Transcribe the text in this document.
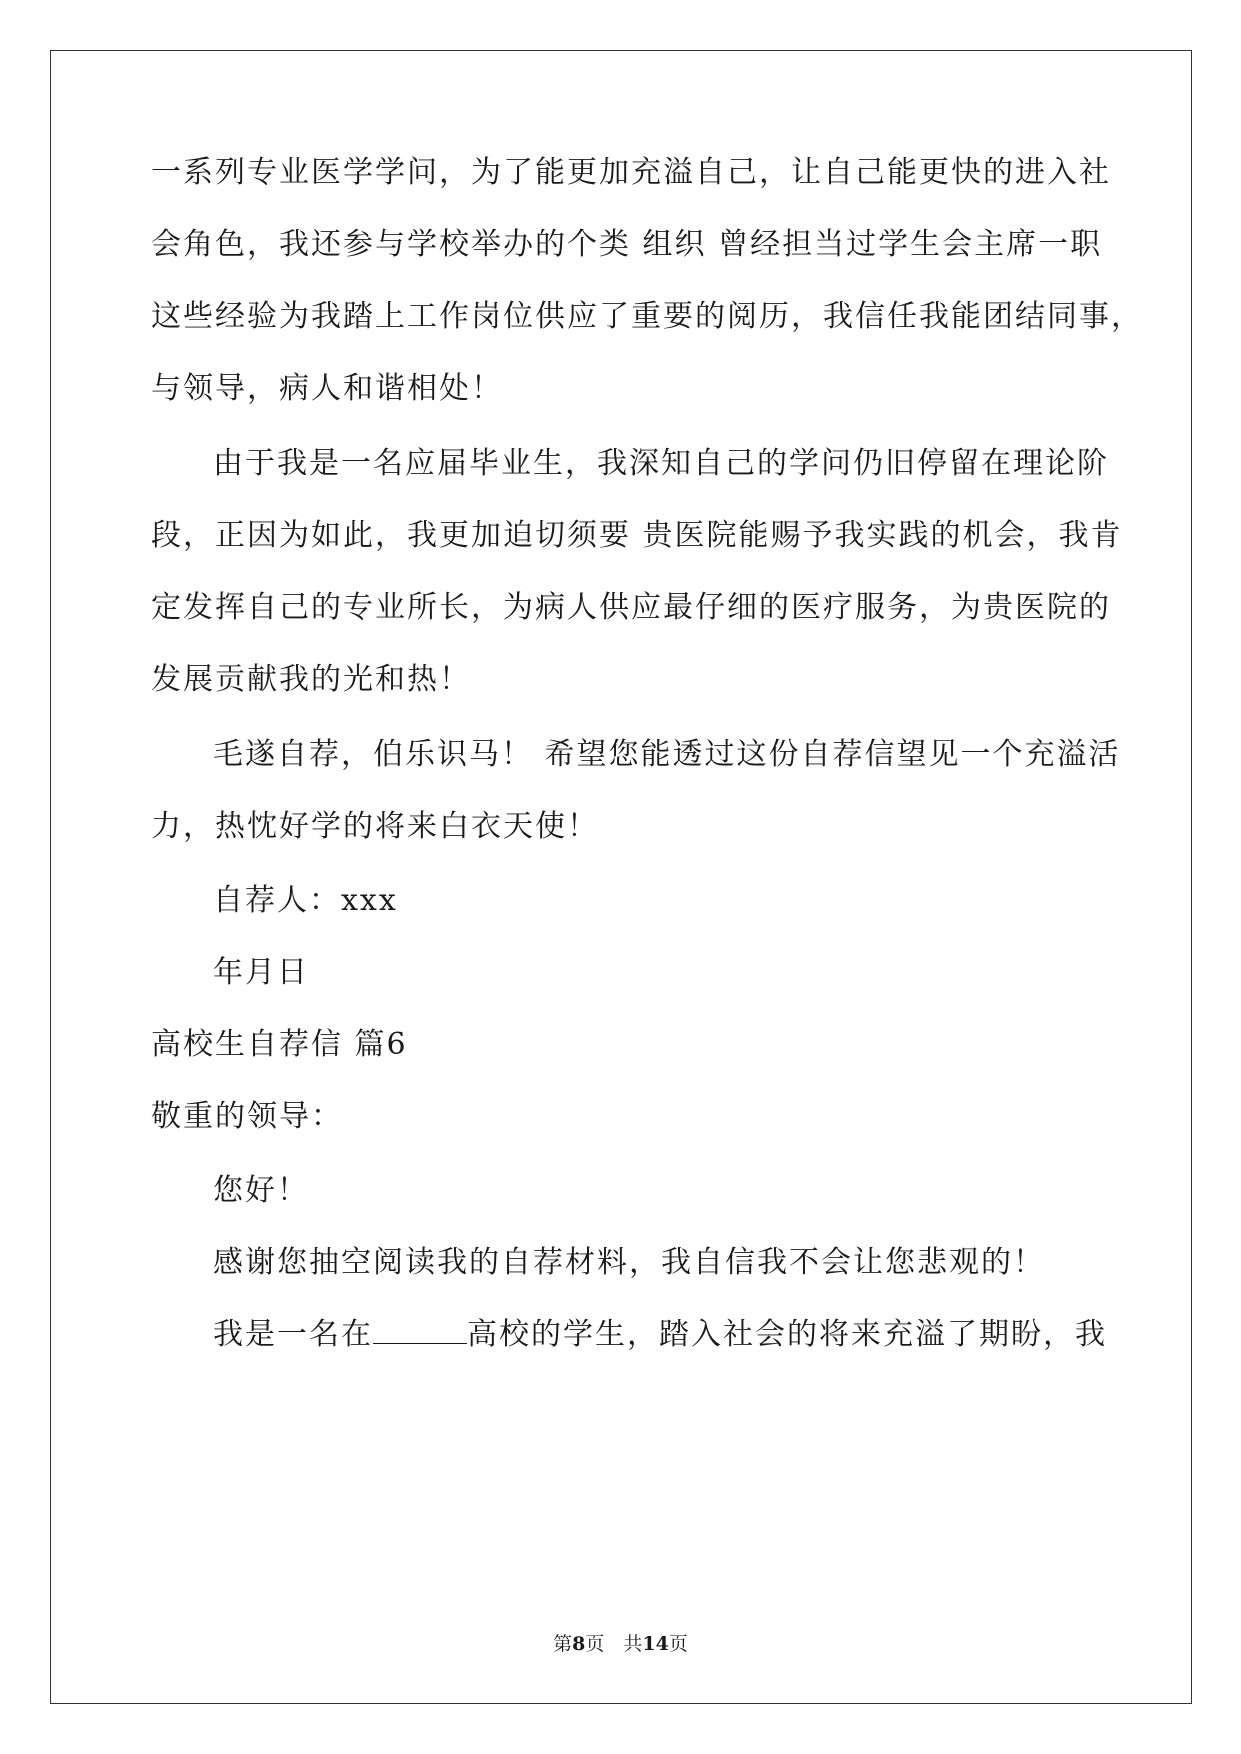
一系列专业医学学问，为了能更加充溢自己，让自己能更快的进入社
会角色，我还参与学校举办的个类 组织 曾经担当过学生会主席一职
这些经验为我踏上工作岗位供应了重要的阅历，我信任我能团结同事，
与领导，病人和谐相处！
由于我是一名应届毕业生，我深知自己的学问仍旧停留在理论阶
段，正因为如此，我更加迫切须要 贵医院能赐予我实践的机会，我肯
定发挥自己的专业所长，为病人供应最仔细的医疗服务，为贵医院的
发展贡献我的光和热！
毛遂自荐，伯乐识马！ 希望您能透过这份自荐信望见一个充溢活
力，热忱好学的将来白衣天使！
自荐人：xxx
年月日
高校生自荐信 篇6
敬重的领导：
您好！
感谢您抽空阅读我的自荐材料，我自信我不会让您悲观的！
我是一名在	高校的学生，踏入社会的将来充溢了期盼，我
第8页　共14页
